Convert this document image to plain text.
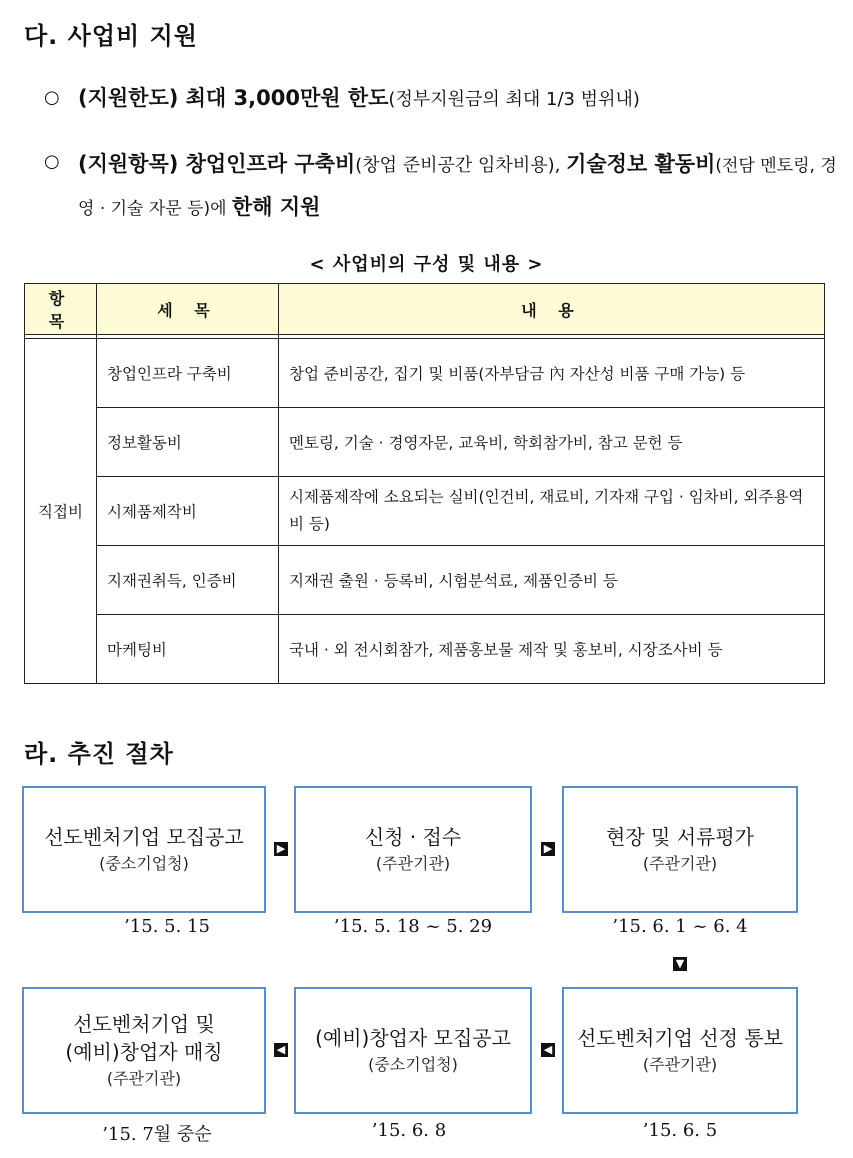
다. 사업비 지원
○ (지원한도) 최대 3,000만원 한도(정부지원금의 최대 1/3 범위내)
○ (지원항목) 창업인프라 구축비(창업 준비공간 임차비용), 기술정보 활동비(전담 멘토링, 경영 · 기술 자문 등)에 한해 지원
< 사업비의 구성 및 내용 >
항 목	세 목	내 용

직접비	창업인프라 구축비	창업 준비공간, 집기 및 비품(자부담금 內 자산성 비품 구매 가능) 등
	정보활동비	멘토링, 기술 · 경영자문, 교육비, 학회참가비, 참고 문헌 등
	시제품제작비	시제품제작에 소요되는 실비(인건비, 재료비, 기자재 구입 · 임차비, 외주용역비 등)
	지재권취득, 인증비	지재권 출원 · 등록비, 시험분석료, 제품인증비 등
	마케팅비	국내 · 외 전시회참가, 제품홍보물 제작 및 홍보비, 시장조사비 등
라. 추진 절차
선도벤처기업 모집공고
(중소기업청)
’15. 5. 15
▶	신청 · 접수
(주관기관)
’15. 5. 18 ~ 5. 29
▶	현장 및 서류평가
(주관기관)
’15. 6. 1 ~ 6. 4
▼
선도벤처기업 및
(예비)창업자 매칭
(주관기관)
’15. 7월 중순
◀ (예비)창업자 모집공고
(중소기업청)
’15. 6. 8
◀ 선도벤처기업 선정 통보
(주관기관)
’15. 6. 5
